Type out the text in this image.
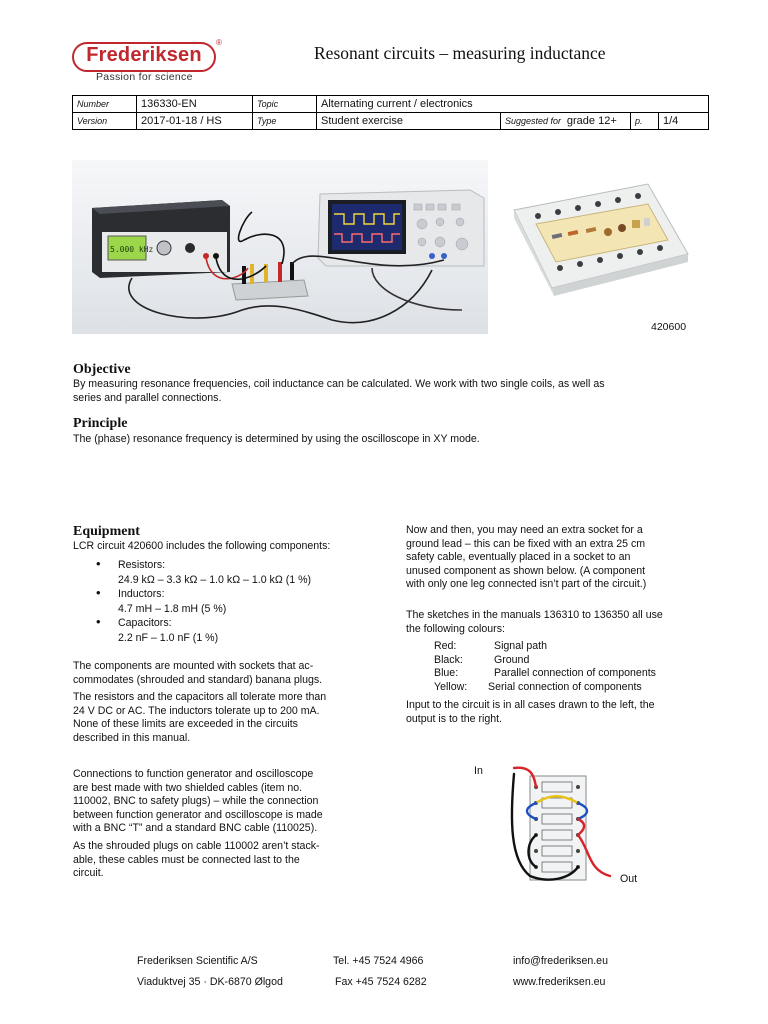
Frederiksen
®
Passion for science
Resonant circuits – measuring inductance
Number	136330-EN	Topic	Alternating current / electronics			
Version	2017-01-18 / HS	Type	Student exercise	Suggested for grade 12+	p.	1/4
5.000 kHz
420600
Objective
By measuring resonance frequencies, coil inductance can be calculated. We work with two single coils, as well as
series and parallel connections.
Principle
The (phase) resonance frequency is determined by using the oscilloscope in XY mode.
Equipment
LCR circuit 420600 includes the following components:
• Resistors:
24.9 kΩ – 3.3 kΩ – 1.0 kΩ – 1.0 kΩ (1 %)
• Inductors:
4.7 mH – 1.8 mH (5 %)
• Capacitors:
2.2 nF – 1.0 nF (1 %)
The components are mounted with sockets that ac-
commodates (shrouded and standard) banana plugs.
The resistors and the capacitors all tolerate more than
24 V DC or AC. The inductors tolerate up to 200 mA.
None of these limits are exceeded in the circuits
described in this manual.
Connections to function generator and oscilloscope
are best made with two shielded cables (item no.
110002, BNC to safety plugs) – while the connection
between function generator and oscilloscope is made
with a BNC “T” and a standard BNC cable (110025).
As the shrouded plugs on cable 110002 aren’t stack-
able, these cables must be connected last to the
circuit.
Now and then, you may need an extra socket for a
ground lead – this can be fixed with an extra 25 cm
safety cable, eventually placed in a socket to an
unused component as shown below. (A component
with only one leg connected isn’t part of the circuit.)
The sketches in the manuals 136310 to 136350 all use
the following colours:
Red:	Signal path
Black:	Ground
Blue:	Parallel connection of components
Yellow:	Serial connection of components
Input to the circuit is in all cases drawn to the left, the
output is to the right.
In
Out
Frederiksen Scientific A/S
Viaduktvej 35 · DK-6870 Ølgod
Tel. +45 7524 4966
Fax +45 7524 6282
info@frederiksen.eu
www.frederiksen.eu
